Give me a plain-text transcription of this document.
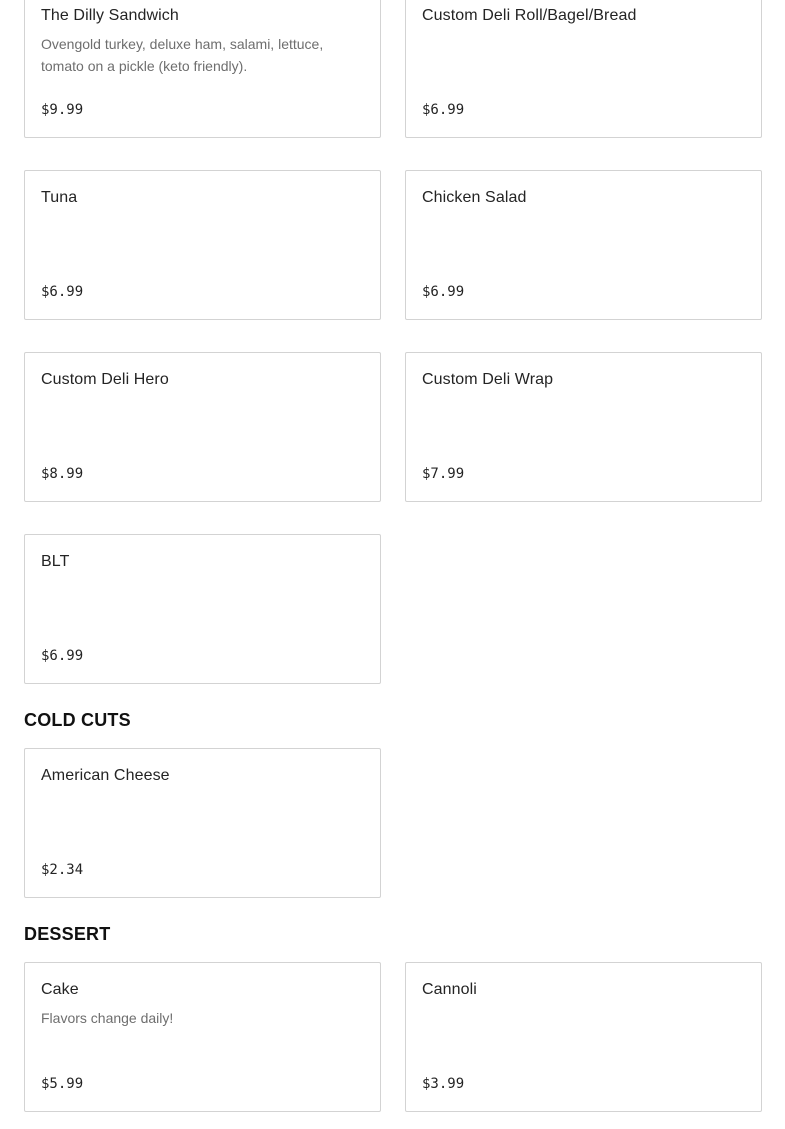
The Dilly Sandwich
Ovengold turkey, deluxe ham, salami, lettuce, tomato on a pickle (keto friendly).
$9.99
Custom Deli Roll/Bagel/Bread
$6.99
Tuna
$6.99
Chicken Salad
$6.99
Custom Deli Hero
$8.99
Custom Deli Wrap
$7.99
BLT
$6.99
COLD CUTS
American Cheese
$2.34
DESSERT
Cake
Flavors change daily!
$5.99
Cannoli
$3.99
